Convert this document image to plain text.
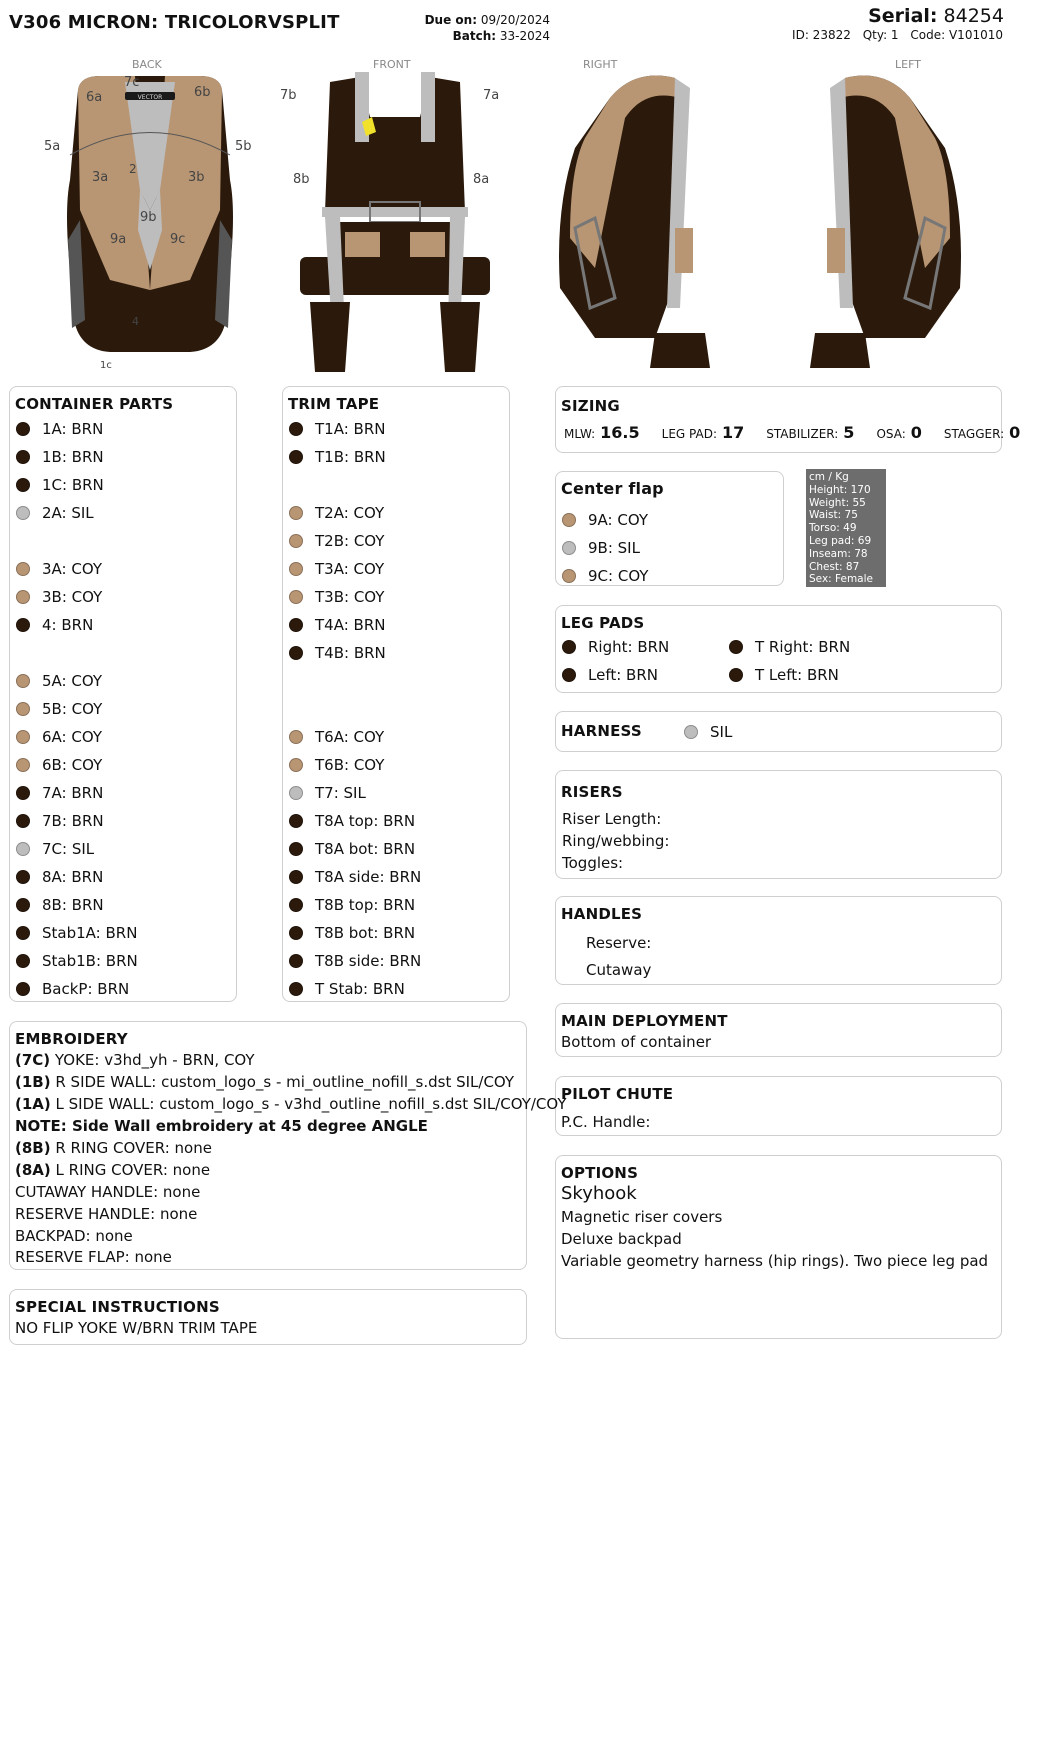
V306 MICRON: TRICOLORVSPLIT	Due on: 09/20/2024
Batch: 33-2024
Serial: 84254
ID: 23822 Qty: 1 Code: V101010
BACK	FRONT	RIGHT	LEFT
VECTOR
7c
6a	6b
5a	5b
3a	3b
2
9b
9a	9c
4
1c
7b	7a
8b	8a
CONTAINER PARTS
1A: BRN
1B: BRN
1C: BRN
2A: SIL
3A: COY
3B: COY
4: BRN
5A: COY
5B: COY
6A: COY
6B: COY
7A: BRN
7B: BRN
7C: SIL
8A: BRN
8B: BRN
Stab1A: BRN
Stab1B: BRN
BackP: BRN
TRIM TAPE
T1A: BRN
T1B: BRN
T2A: COY
T2B: COY
T3A: COY
T3B: COY
T4A: BRN
T4B: BRN
T6A: COY
T6B: COY
T7: SIL
T8A top: BRN
T8A bot: BRN
T8A side: BRN
T8B top: BRN
T8B bot: BRN
T8B side: BRN
T Stab: BRN
SIZING
MLW: 16.5 LEG PAD: 17 STABILIZER: 5 OSA: 0 STAGGER: 0
Center flap
9A: COY
9B: SIL
9C: COY
cm / Kg
Height: 170
Weight: 55
Waist: 75
Torso: 49
Leg pad: 69
Inseam: 78
Chest: 87
Sex: Female
LEG PADS
Right: BRN
Left: BRN
T Right: BRN
T Left: BRN
HARNESS	SIL
RISERS
Riser Length:
Ring/webbing:
Toggles:
HANDLES
Reserve:
Cutaway
MAIN DEPLOYMENT
Bottom of container
PILOT CHUTE
P.C. Handle:
OPTIONS
Skyhook
Magnetic riser covers
Deluxe backpad
Variable geometry harness (hip rings). Two piece leg pad
EMBROIDERY
(7C) YOKE: v3hd_yh - BRN, COY
(1B) R SIDE WALL: custom_logo_s - mi_outline_nofill_s.dst SIL/COY
(1A) L SIDE WALL: custom_logo_s - v3hd_outline_nofill_s.dst SIL/COY/COY
NOTE: Side Wall embroidery at 45 degree ANGLE
(8B) R RING COVER: none
(8A) L RING COVER: none
CUTAWAY HANDLE: none
RESERVE HANDLE: none
BACKPAD: none
RESERVE FLAP: none
SPECIAL INSTRUCTIONS
NO FLIP YOKE W/BRN TRIM TAPE
